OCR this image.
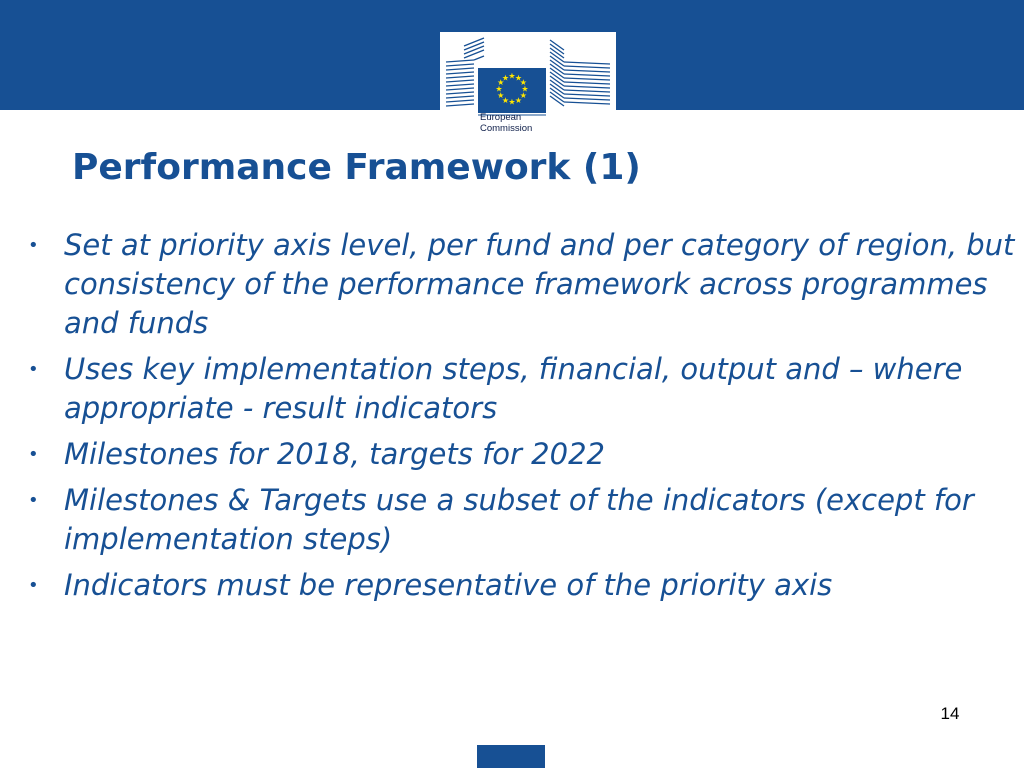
★ ★
★
★
★
★
★
★
★
★
★
★
European
Commission
Performance Framework (1)
• Set at priority axis level, per fund and per category of region, but consistency of the performance framework across programmes and funds
• Uses key implementation steps, financial, output and – where appropriate - result indicators
• Milestones for 2018, targets for 2022
• Milestones & Targets use a subset of the indicators (except for implementation steps)
• Indicators must be representative of the priority axis
14
